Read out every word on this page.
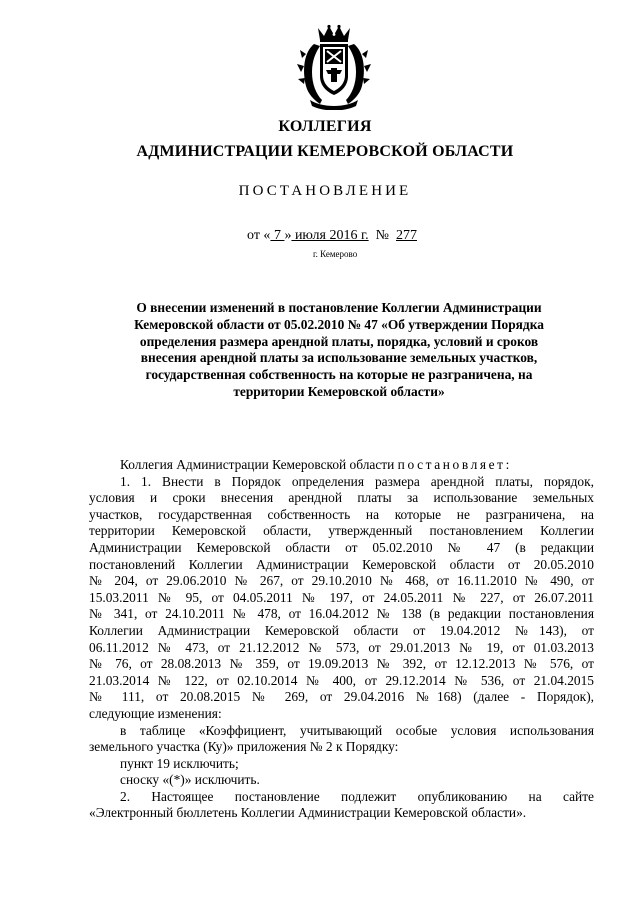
КОЛЛЕГИЯ
АДМИНИСТРАЦИИ КЕМЕРОВСКОЙ ОБЛАСТИ
ПОСТАНОВЛЕНИЕ
от « 7 » июля 2016 г.  №  277
г. Кемерово
О внесении изменений в постановление Коллегии Администрации
Кемеровской области от 05.02.2010 № 47 «Об утверждении Порядка
определения размера арендной платы, порядка, условий и сроков
внесения арендной платы за использование земельных участков,
государственная собственность на которые не разграничена, на
территории Кемеровской области»
Коллегия Администрации Кемеровской области постановляет:
1. 1. Внести в Порядок определения размера арендной платы, порядок,
условия и сроки внесения арендной платы за использование земельных
участков, государственная собственность на которые не разграничена, на
территории Кемеровской области, утвержденный постановлением Коллегии
Администрации Кемеровской области от 05.02.2010 № 47 (в редакции
постановлений Коллегии Администрации Кемеровской области от 20.05.2010
№ 204, от 29.06.2010 № 267, от 29.10.2010 № 468, от 16.11.2010 № 490, от
15.03.2011 № 95, от 04.05.2011 № 197, от 24.05.2011 № 227, от 26.07.2011
№ 341, от 24.10.2011 № 478, от 16.04.2012 № 138 (в редакции постановления
Коллегии Администрации Кемеровской области от 19.04.2012 №143), от
06.11.2012 № 473, от 21.12.2012 № 573, от 29.01.2013 № 19, от 01.03.2013
№ 76, от 28.08.2013 № 359, от 19.09.2013 № 392, от 12.12.2013 № 576, от
21.03.2014 № 122, от 02.10.2014 № 400, от 29.12.2014 № 536, от 21.04.2015
№ 111, от 20.08.2015 № 269, от 29.04.2016 №168) (далее - Порядок),
следующие изменения:
в таблице «Коэффициент, учитывающий особые условия использования
земельного участка (Ку)» приложения № 2 к Порядку:
пункт 19 исключить;
сноску «(*)» исключить.
2. Настоящее постановление подлежит опубликованию на сайте
«Электронный бюллетень Коллегии Администрации Кемеровской области».
